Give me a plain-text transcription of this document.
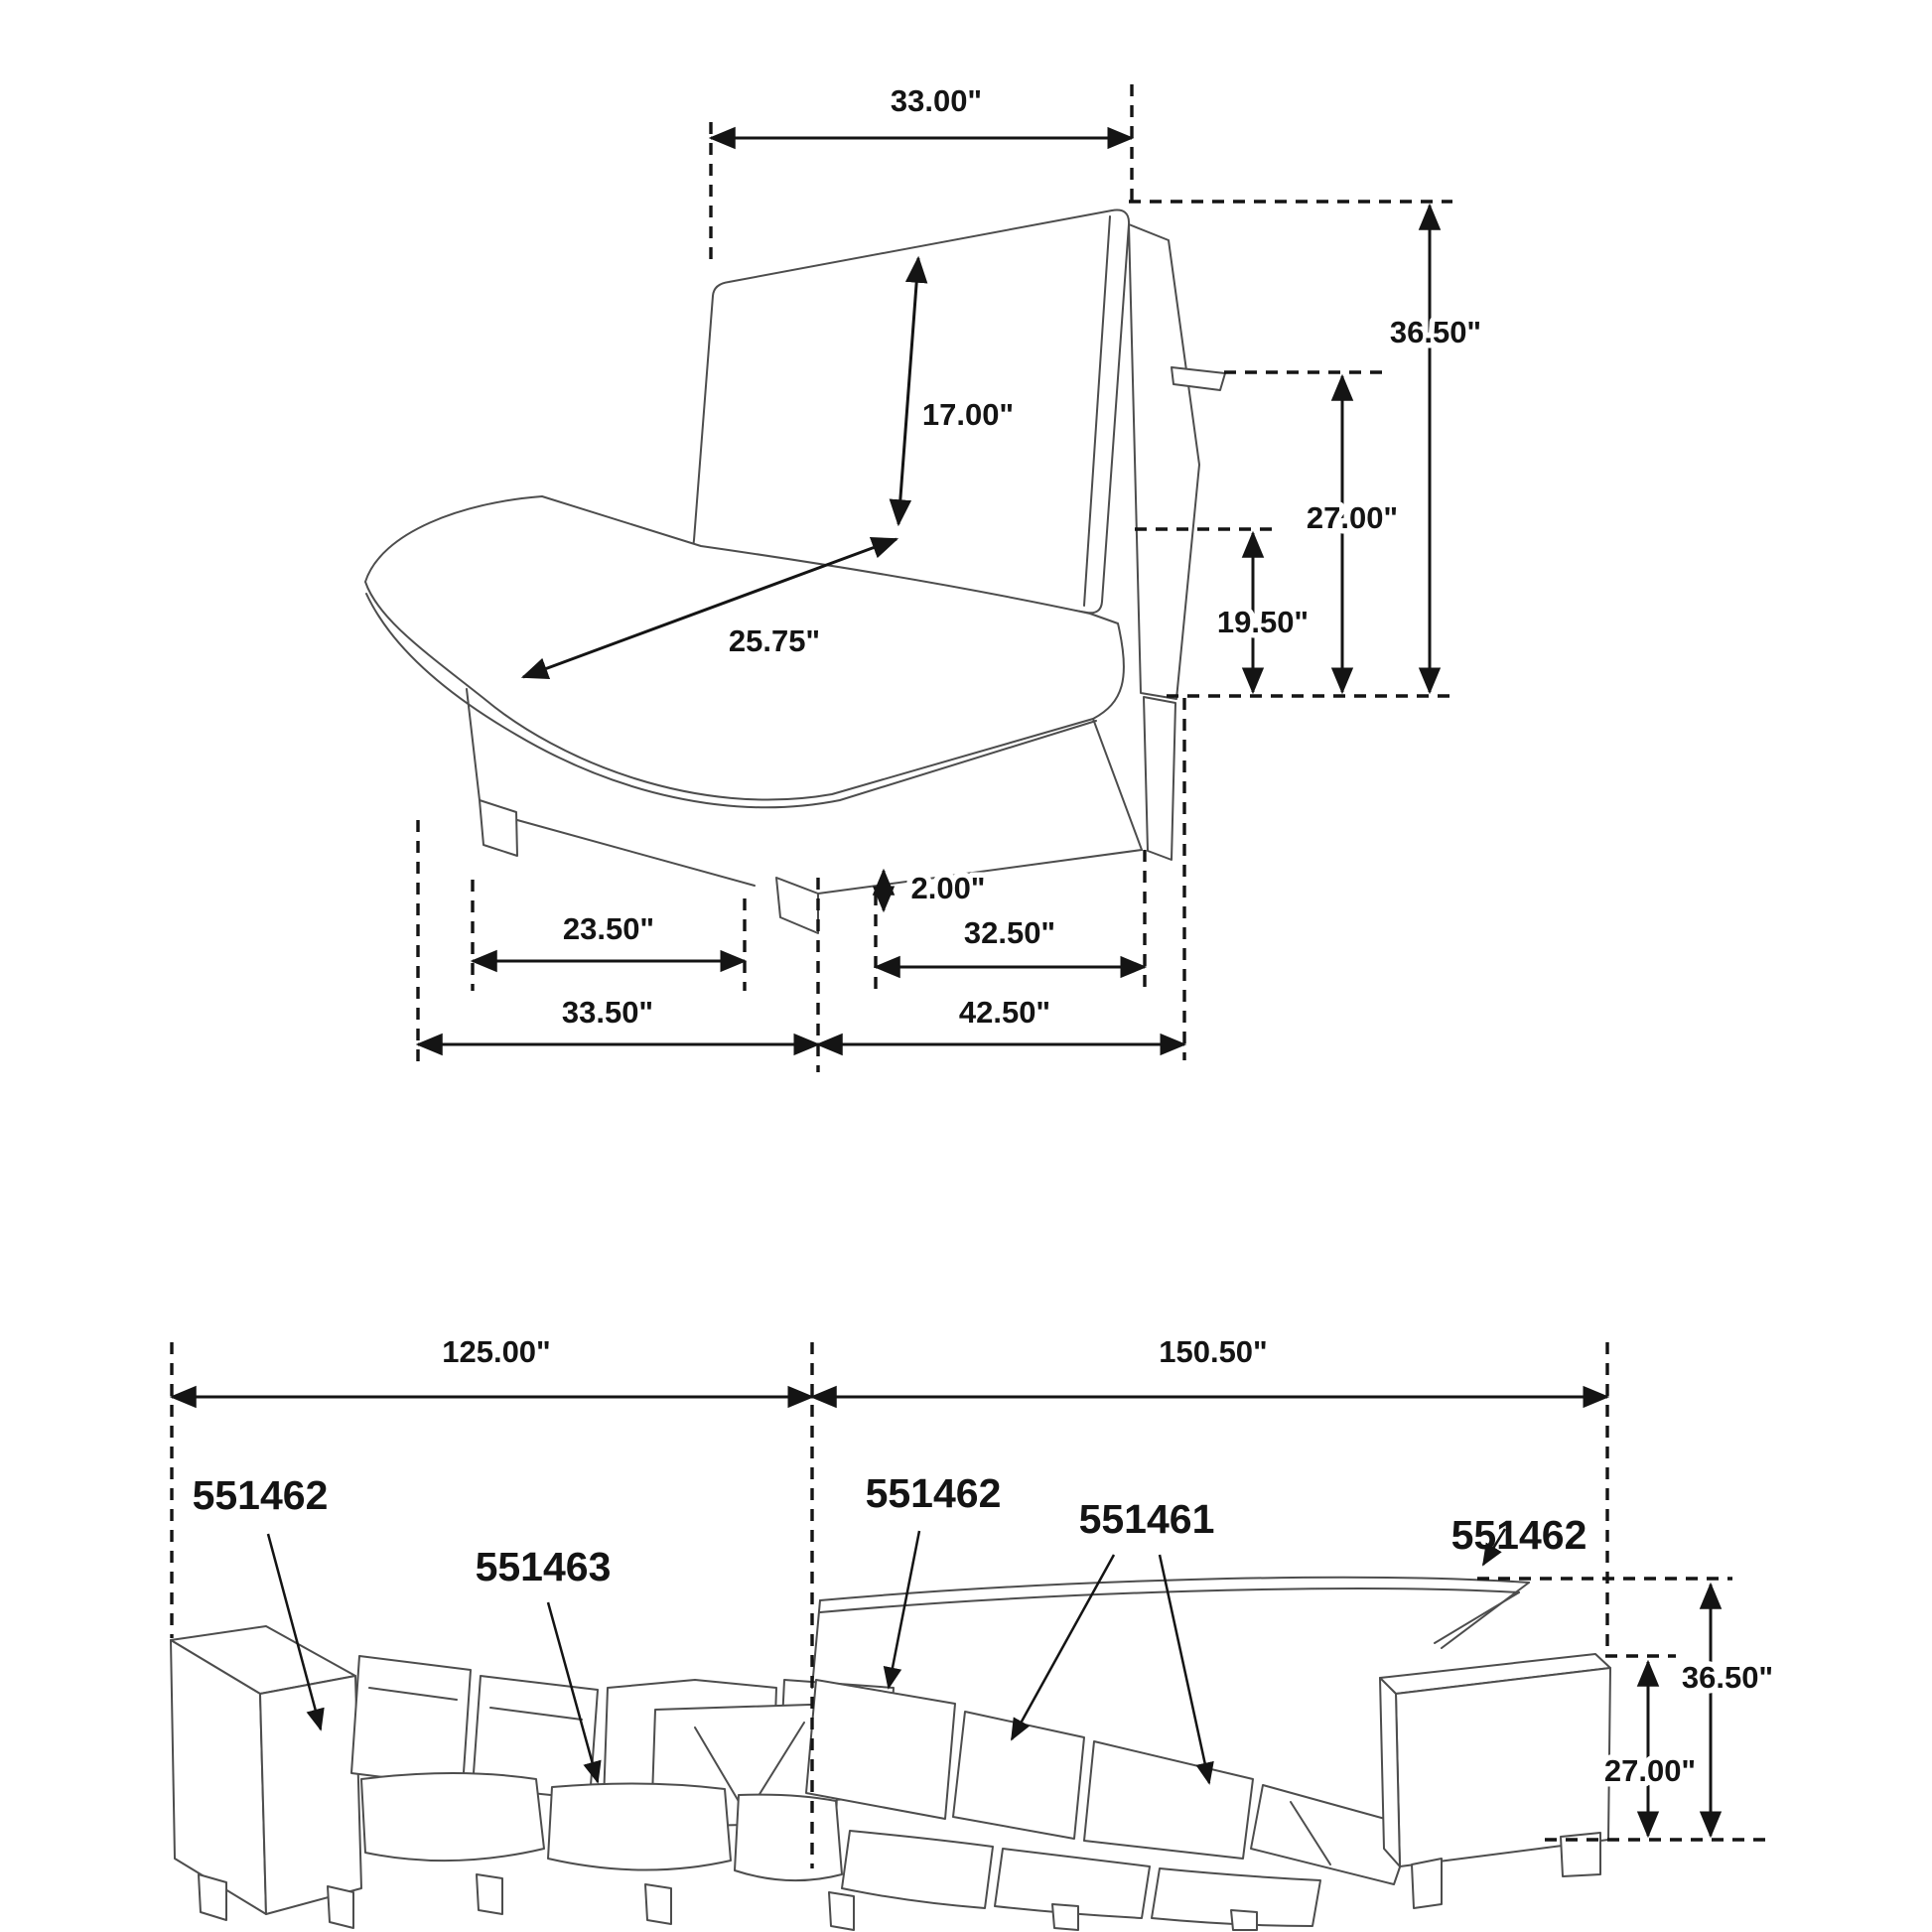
33.00"
17.00"
25.75"
36.50"
27.00"
19.50"
2.00"
23.50"	32.50"
33.50"	42.50"
125.00"	150.50"
36.50"
27.00"
551462
551463
551462
551461	551462
